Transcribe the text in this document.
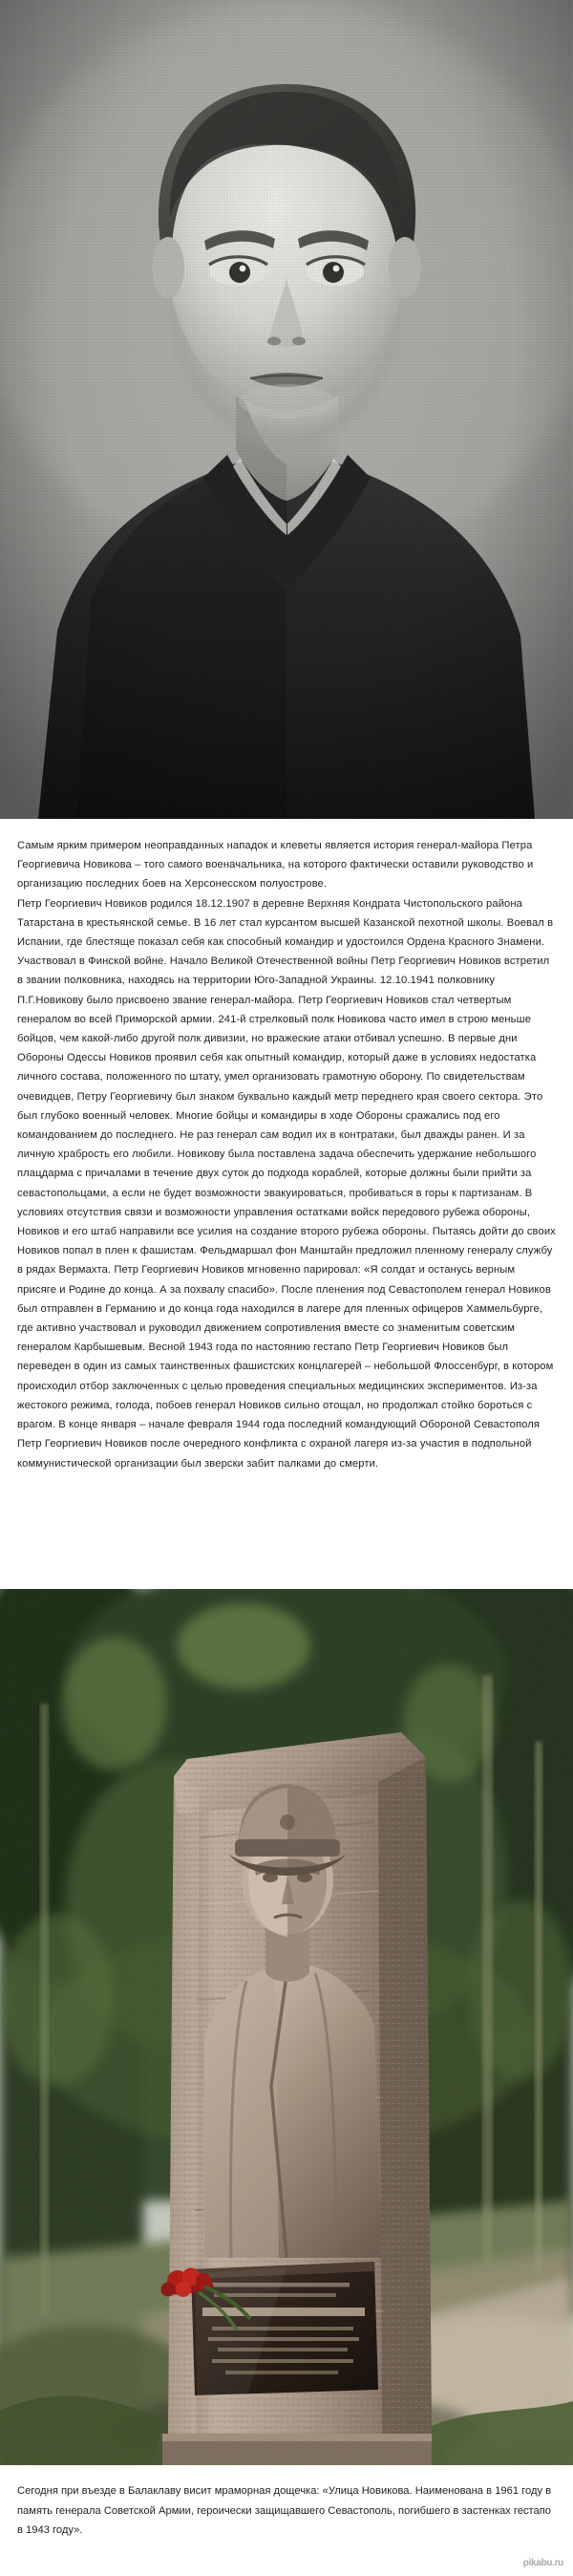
Самым ярким примером неоправданных нападок и клеветы является история генерал-майора Петра Георгиевича Новикова – того самого военачальника, на которого фактически оставили руководство и организацию последних боев на Херсонесском полуострове.

Петр Георгиевич Новиков родился 18.12.1907 в деревне Верхняя Кондрата Чистопольского района Татарстана в крестьянской семье. В 16 лет стал курсантом высшей Казанской пехотной школы. Воевал в Испании, где блестяще показал себя как способный командир и удостоился Ордена Красного Знамени. Участвовал в Финской войне. Начало Великой Отечественной войны Петр Георгиевич Новиков встретил в звании полковника, находясь на территории Юго-Западной Украины. 12.10.1941 полковнику П.Г.Новикову было присвоено звание генерал-майора. Петр Георгиевич Новиков стал четвертым генералом во всей Приморской армии. 241-й стрелковый полк Новикова часто имел в строю меньше бойцов, чем какой-либо другой полк дивизии, но вражеские атаки отбивал успешно. В первые дни Обороны Одессы Новиков проявил себя как опытный командир, который даже в условиях недостатка личного состава, положенного по штату, умел организовать грамотную оборону. По свидетельствам очевидцев, Петру Георгиевичу был знаком буквально каждый метр переднего края своего сектора. Это был глубоко военный человек. Многие бойцы и командиры в ходе Обороны сражались под его командованием до последнего. Не раз генерал сам водил их в контратаки, был дважды ранен. И за личную храбрость его любили. Новикову была поставлена задача обеспечить удержание небольшого плацдарма с причалами в течение двух суток до подхода кораблей, которые должны были прийти за севастопольцами, а если не будет возможности эвакуироваться, пробиваться в горы к партизанам. В условиях отсутствия связи и возможности управления остатками войск передового рубежа обороны, Новиков и его штаб направили все усилия на создание второго рубежа обороны. Пытаясь дойти до своих Новиков попал в плен к фашистам. Фельдмаршал фон Манштайн предложил пленному генералу службу в рядах Вермахта. Петр Георгиевич Новиков мгновенно парировал: «Я солдат и останусь верным присяге и Родине до конца. А за похвалу спасибо». После пленения под Севастополем генерал Новиков был отправлен в Германию и до конца года находился в лагере для пленных офицеров Хаммельбурге, где активно участвовал и руководил движением сопротивления вместе со знаменитым советским генералом Карбышевым. Весной 1943 года по настоянию гестапо Петр Георгиевич Новиков был переведен в один из самых таинственных фашистских концлагерей – небольшой Флоссенбург, в котором происходил отбор заключенных с целью проведения специальных медицинских экспериментов. Из-за жестокого режима, голода, побоев генерал Новиков сильно отощал, но продолжал стойко бороться с врагом. В конце января – начале февраля 1944 года последний командующий Обороной Севастополя Петр Георгиевич Новиков после очередного конфликта с охраной лагеря из-за участия в подпольной коммунистической организации был зверски забит палками до смерти.

Сегодня при въезде в Балаклаву висит мраморная дощечка: «Улица Новикова. Наименована в 1961 году в память генерала Советской Армии, героически защищавшего Севастополь, погибшего в застенках гестапо в 1943 году».

pikabu.ru
